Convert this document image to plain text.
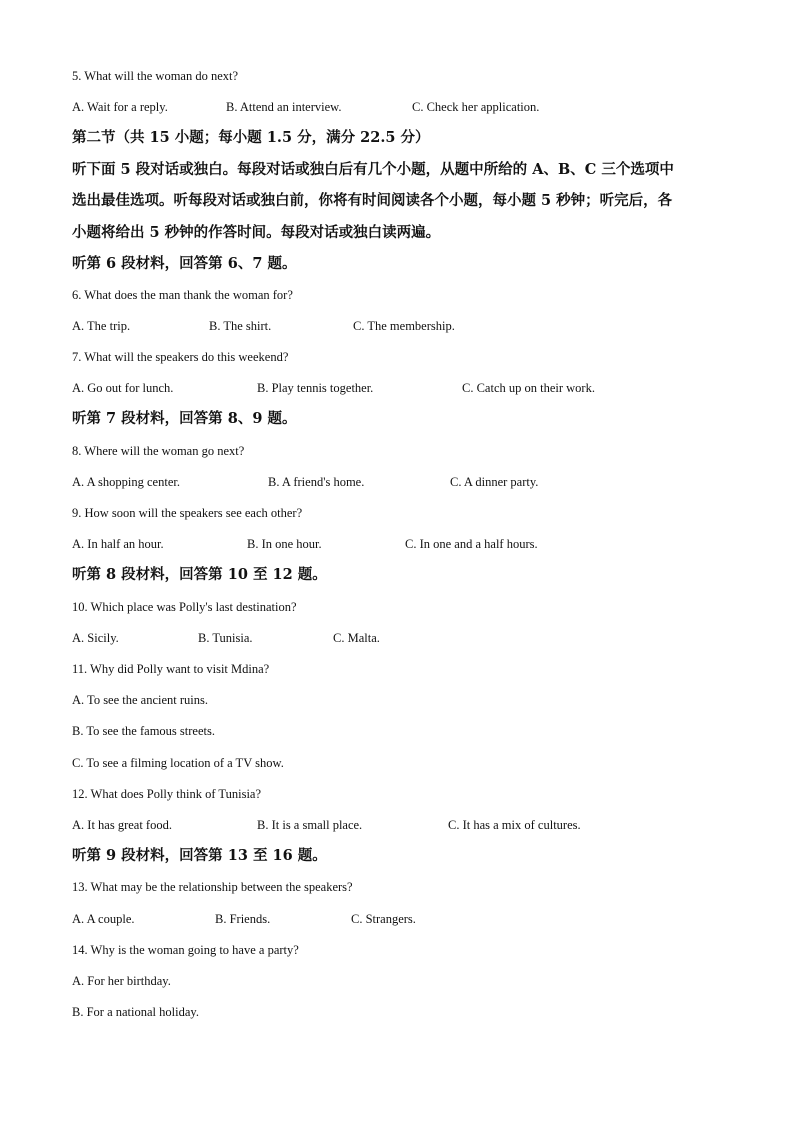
5. What will the woman do next?
A. Wait for a reply.	B. Attend an interview.	C. Check her application.
第二节（共 15 小题；每小题 1.5 分，满分 22.5 分）
听下面 5 段对话或独白。每段对话或独白后有几个小题，从题中所给的 A、B、C 三个选项中
选出最佳选项。听每段对话或独白前，你将有时间阅读各个小题，每小题 5 秒钟；听完后，各
小题将给出 5 秒钟的作答时间。每段对话或独白读两遍。
听第 6 段材料，回答第 6、7 题。
6. What does the man thank the woman for?
A. The trip.	B. The shirt.	C. The membership.
7. What will the speakers do this weekend?
A. Go out for lunch.	B. Play tennis together.	C. Catch up on their work.
听第 7 段材料，回答第 8、9 题。
8. Where will the woman go next?
A. A shopping center.	B. A friend's home.	C. A dinner party.
9. How soon will the speakers see each other?
A. In half an hour.	B. In one hour.	C. In one and a half hours.
听第 8 段材料，回答第 10 至 12 题。
10. Which place was Polly's last destination?
A. Sicily.	B. Tunisia.	C. Malta.
11. Why did Polly want to visit Mdina?
A. To see the ancient ruins.
B. To see the famous streets.
C. To see a filming location of a TV show.
12. What does Polly think of Tunisia?
A. It has great food.	B. It is a small place.	C. It has a mix of cultures.
听第 9 段材料，回答第 13 至 16 题。
13. What may be the relationship between the speakers?
A. A couple.	B. Friends.	C. Strangers.
14. Why is the woman going to have a party?
A. For her birthday.
B. For a national holiday.
